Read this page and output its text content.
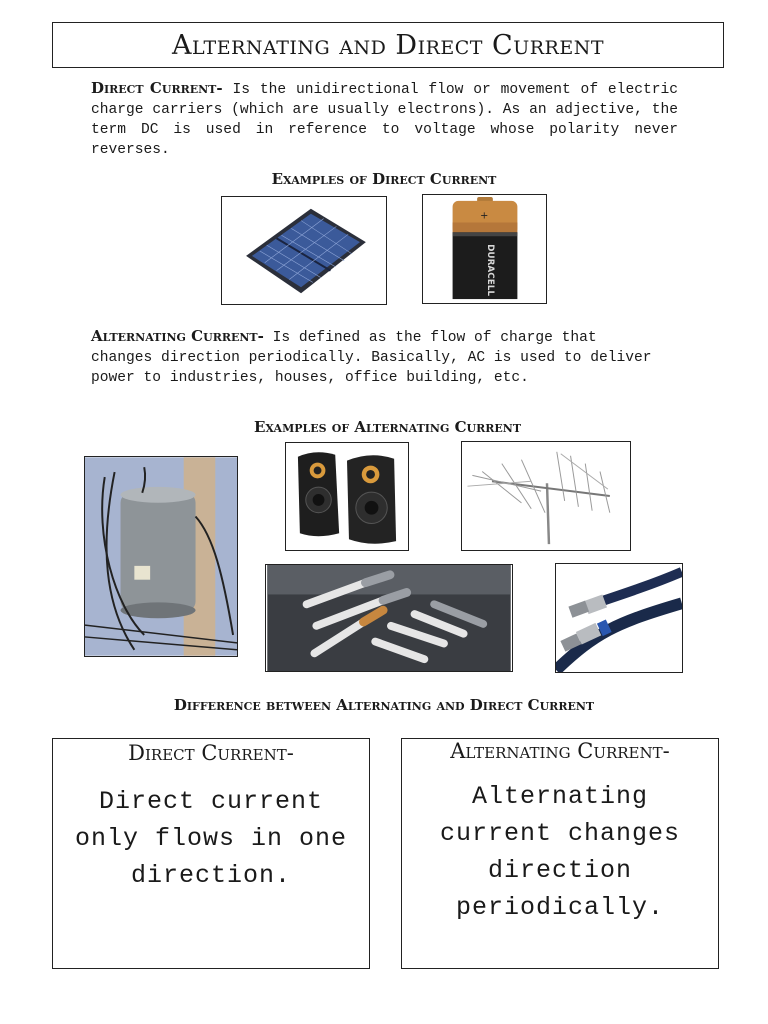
Alternating and Direct Current
Direct Current- Is the unidirectional flow or movement of electric charge carriers (which are usually electrons). As an adjective, the term DC is used in reference to voltage whose polarity never reverses.
Examples of Direct Current
+
DURACELL
Alternating Current- Is defined as the flow of charge that changes direction periodically. Basically, AC is used to deliver power to industries, houses, office building, etc.
Examples of Alternating Current
Difference between Alternating and Direct Current
Direct Current-
Direct current only flows in one direction.
Alternating Current-
Alternating current changes direction periodically.
